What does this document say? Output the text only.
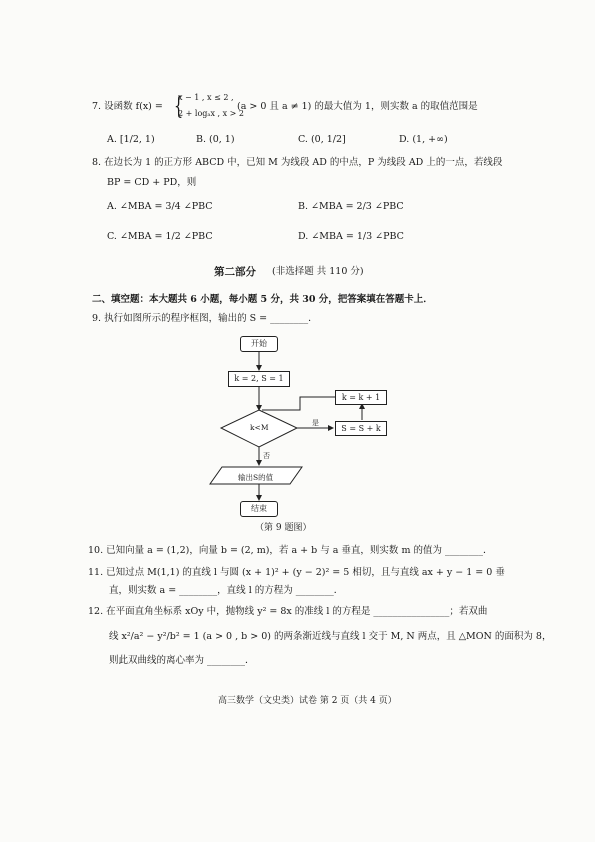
7. 设函数 f(x) = {
x − 1 , x ≤ 2 ,
2 + logₐx , x > 2
(a > 0 且 a ≠ 1) 的最大值为 1，则实数 a 的取值范围是
A. [1/2, 1)	B. (0, 1)	C. (0, 1/2]	D. (1, +∞)
8. 在边长为 1 的正方形 ABCD 中，已知 M 为线段 AD 的中点，P 为线段 AD 上的一点，若线段
BP = CD + PD，则
A. ∠MBA = 3/4 ∠PBC	B. ∠MBA = 2/3 ∠PBC
C. ∠MBA = 1/2 ∠PBC	D. ∠MBA = 1/3 ∠PBC
第二部分 (非选择题 共 110 分)
二、填空题：本大题共 6 小题，每小题 5 分，共 30 分，把答案填在答题卡上．
9. 执行如图所示的程序框图，输出的 S = ________．
开始
k = 2, S = 1
k = k + 1
S = S + k
k<M	是
否
输出S的值
结束
（第 9 题图）
10. 已知向量 a = (1,2)，向量 b = (2, m)，若 a + b 与 a 垂直，则实数 m 的值为 ________．
11. 已知过点 M(1,1) 的直线 l 与圆 (x + 1)² + (y − 2)² = 5 相切，且与直线 ax + y − 1 = 0 垂
直，则实数 a = ________，直线 l 的方程为 ________．
12. 在平面直角坐标系 xOy 中，抛物线 y² = 8x 的准线 l 的方程是 ________________；若双曲
线 x²/a² − y²/b² = 1 (a > 0 , b > 0) 的两条渐近线与直线 l 交于 M, N 两点，且 △MON 的面积为 8，
则此双曲线的离心率为 ________．
高三数学（文史类）试卷 第 2 页（共 4 页）
